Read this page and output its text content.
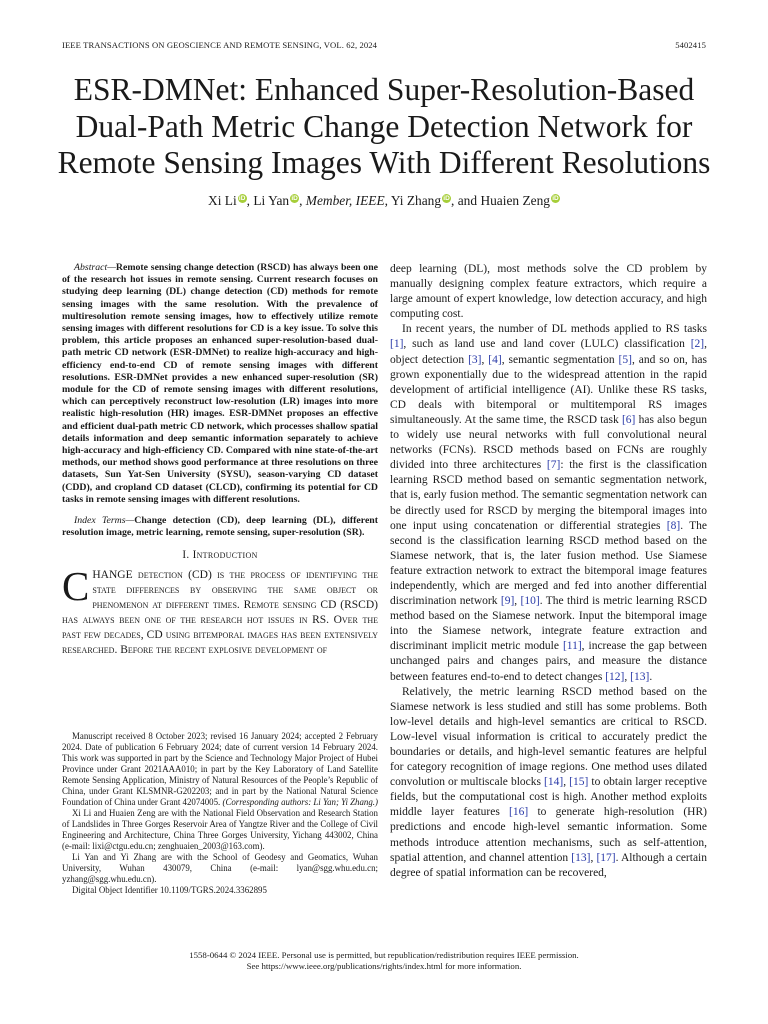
IEEE TRANSACTIONS ON GEOSCIENCE AND REMOTE SENSING, VOL. 62, 2024	5402415
ESR-DMNet: Enhanced Super-Resolution-Based
Dual-Path Metric Change Detection Network for
Remote Sensing Images With Different Resolutions
Xi Li iD, Li Yan iD, Member, IEEE, Yi Zhang iD, and Huaien Zeng iD

Abstract—Remote sensing change detection (RSCD) has always been one of the research hot issues in remote sensing. Current research focuses on studying deep learning (DL) change detection (CD) methods for remote sensing images with the same resolution. With the prevalence of multiresolution remote sensing images, how to effectively utilize remote sensing images with different resolutions for CD is a key issue. To solve this problem, this article proposes an enhanced super-resolution-based dual-path metric CD network (ESR-DMNet) to realize high-accuracy and high-efficiency end-to-end CD of remote sensing images with different resolutions. ESR-DMNet provides a new enhanced super-resolution (SR) module for the CD of remote sensing images with different resolutions, which can perceptively reconstruct low-resolution (LR) images into more realistic high-resolution (HR) images. ESR-DMNet proposes an effective and efficient dual-path metric CD network, which processes shallow spatial details information and deep semantic information separately to achieve high-accuracy and high-efficiency CD. Compared with nine state-of-the-art methods, our method shows good performance at three resolutions on three datasets, Sun Yat-Sen University (SYSU), season-varying CD dataset (CDD), and cropland CD dataset (CLCD), confirming its potential for CD tasks in remote sensing images with different resolutions.

Index Terms—Change detection (CD), deep learning (DL), different resolution image, metric learning, remote sensing, super-resolution (SR).

I. Introduction

CHANGE detection (CD) is the process of identifying the state differences by observing the same object or phenomenon at different times. Remote sensing CD (RSCD) has always been one of the research hot issues in RS. Over the past few decades, CD using bitemporal images has been extensively researched. Before the recent explosive development of

Manuscript received 8 October 2023; revised 16 January 2024; accepted 2 February 2024. Date of publication 6 February 2024; date of current version 14 February 2024. This work was supported in part by the Science and Technology Major Project of Hubei Province under Grant 2021AAA010; in part by the Key Laboratory of Land Satellite Remote Sensing Application, Ministry of Natural Resources of the People’s Republic of China, under Grant KLSMNR-G202203; and in part by the National Natural Science Foundation of China under Grant 42074005. (Corresponding authors: Li Yan; Yi Zhang.)

Xi Li and Huaien Zeng are with the National Field Observation and Research Station of Landslides in Three Gorges Reservoir Area of Yangtze River and the College of Civil Engineering and Architecture, China Three Gorges University, Yichang 443002, China (e-mail: lixi@ctgu.edu.cn; zenghuaien_2003@163.com).

Li Yan and Yi Zhang are with the School of Geodesy and Geomatics, Wuhan University, Wuhan 430079, China (e-mail: lyan@sgg.whu.edu.cn; yzhang@sgg.whu.edu.cn).

Digital Object Identifier 10.1109/TGRS.2024.3362895

deep learning (DL), most methods solve the CD problem by manually designing complex feature extractors, which require a large amount of expert knowledge, low detection accuracy, and high computing cost.

In recent years, the number of DL methods applied to RS tasks [1], such as land use and land cover (LULC) classification [2], object detection [3], [4], semantic segmentation [5], and so on, has grown exponentially due to the widespread attention in the rapid development of artificial intelligence (AI). Unlike these RS tasks, CD deals with bitemporal or multitemporal RS images simultaneously. At the same time, the RSCD task [6] has also begun to widely use neural networks with full convolutional neural networks (FCNs). RSCD methods based on FCNs are roughly divided into three architectures [7]: the first is the classification learning RSCD method based on semantic segmentation network, that is, early fusion method. The semantic segmentation network can be directly used for RSCD by merging the bitemporal images into one input using concatenation or differential strategies [8]. The second is the classification learning RSCD method based on the Siamese network, that is, the later fusion method. Use Siamese feature extraction network to extract the bitemporal image features independently, which are merged and fed into another differential discrimination network [9], [10]. The third is metric learning RSCD method based on the Siamese network. Input the bitemporal image into the Siamese network, integrate feature extraction and discriminant implicit metric module [11], increase the gap between unchanged pairs and changes pairs, and measure the distance between features end-to-end to detect changes [12], [13].

Relatively, the metric learning RSCD method based on the Siamese network is less studied and still has some problems. Both low-level details and high-level semantics are critical to RSCD. Low-level visual information is critical to accurately predict the boundaries or details, and high-level semantic features are helpful for category recognition of image regions. One method uses dilated convolution or multiscale blocks [14], [15] to obtain larger receptive fields, but the computational cost is high. Another method exploits middle layer features [16] to generate high-resolution (HR) predictions and encode high-level semantic information. Some methods introduce attention mechanisms, such as self-attention, spatial attention, and channel attention [13], [17]. Although a certain degree of spatial information can be recovered,

1558-0644 © 2024 IEEE. Personal use is permitted, but republication/redistribution requires IEEE permission.
See https://www.ieee.org/publications/rights/index.html for more information.
